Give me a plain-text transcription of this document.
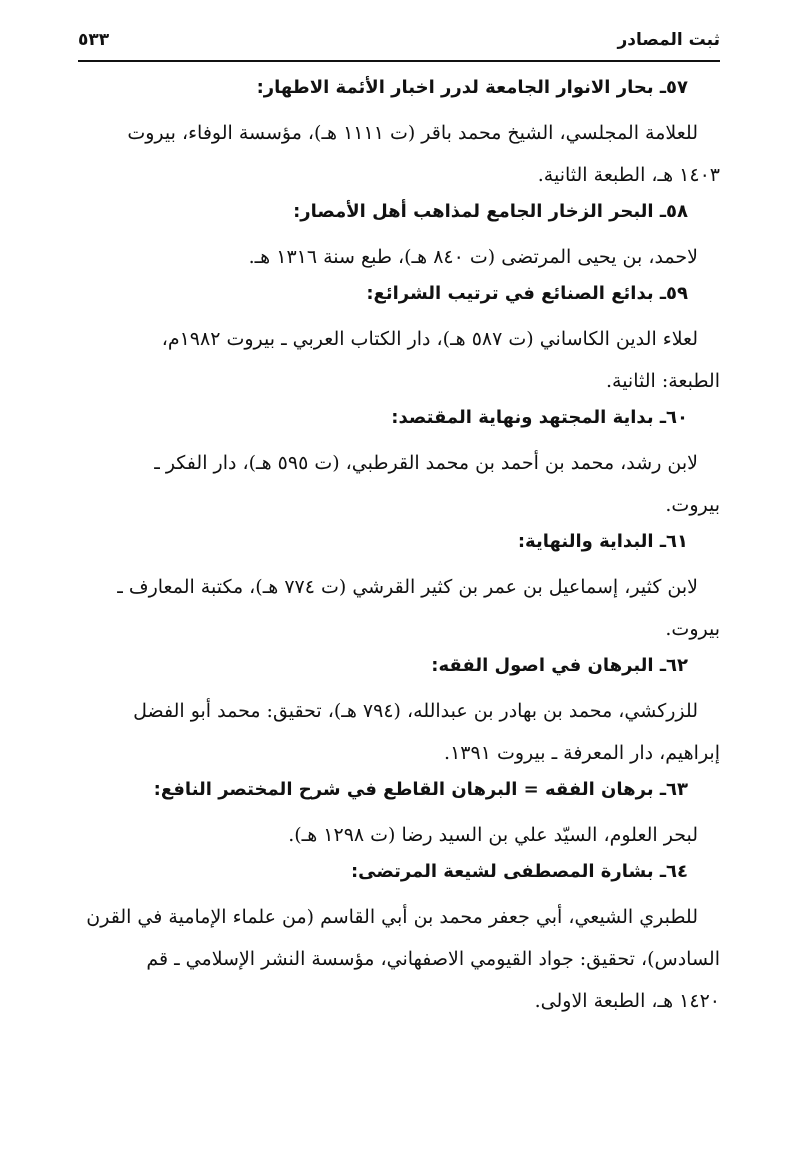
ثبت المصادر
٥٣٣
٥٧ـ بحار الانوار الجامعة لدرر اخبار الأئمة الاطهار:
للعلامة المجلسي، الشيخ محمد باقر (ت ١١١١ هـ)، مؤسسة الوفاء، بيروت
١٤٠٣ هـ، الطبعة الثانية.
٥٨ـ البحر الزخار الجامع لمذاهب أهل الأمصار:
لاحمد، بن يحيى المرتضى (ت ٨٤٠ هـ)، طبع سنة ١٣١٦ هـ.
٥٩ـ بدائع الصنائع في ترتيب الشرائع:
لعلاء الدين الكاساني (ت ٥٨٧ هـ)، دار الكتاب العربي ـ بيروت ١٩٨٢م،
الطبعة: الثانية.
٦٠ـ بداية المجتهد ونهاية المقتصد:
لابن رشد، محمد بن أحمد بن محمد القرطبي، (ت ٥٩٥ هـ)، دار الفكر ـ
بيروت.
٦١ـ البداية والنهاية:
لابن كثير، إسماعيل بن عمر بن كثير القرشي (ت ٧٧٤ هـ)، مكتبة المعارف ـ
بيروت.
٦٢ـ البرهان في اصول الفقه:
للزركشي، محمد بن بهادر بن عبدالله، (٧٩٤ هـ)، تحقيق: محمد أبو الفضل
إبراهيم، دار المعرفة ـ بيروت ١٣٩١.
٦٣ـ برهان الفقه = البرهان القاطع في شرح المختصر النافع:
لبحر العلوم، السيّد علي بن السيد رضا (ت ١٢٩٨ هـ).
٦٤ـ بشارة المصطفى لشيعة المرتضى:
للطبري الشيعي، أبي جعفر محمد بن أبي القاسم (من علماء الإمامية في القرن
السادس)، تحقيق: جواد القيومي الاصفهاني، مؤسسة النشر الإسلامي ـ قم
١٤٢٠ هـ، الطبعة الاولى.
